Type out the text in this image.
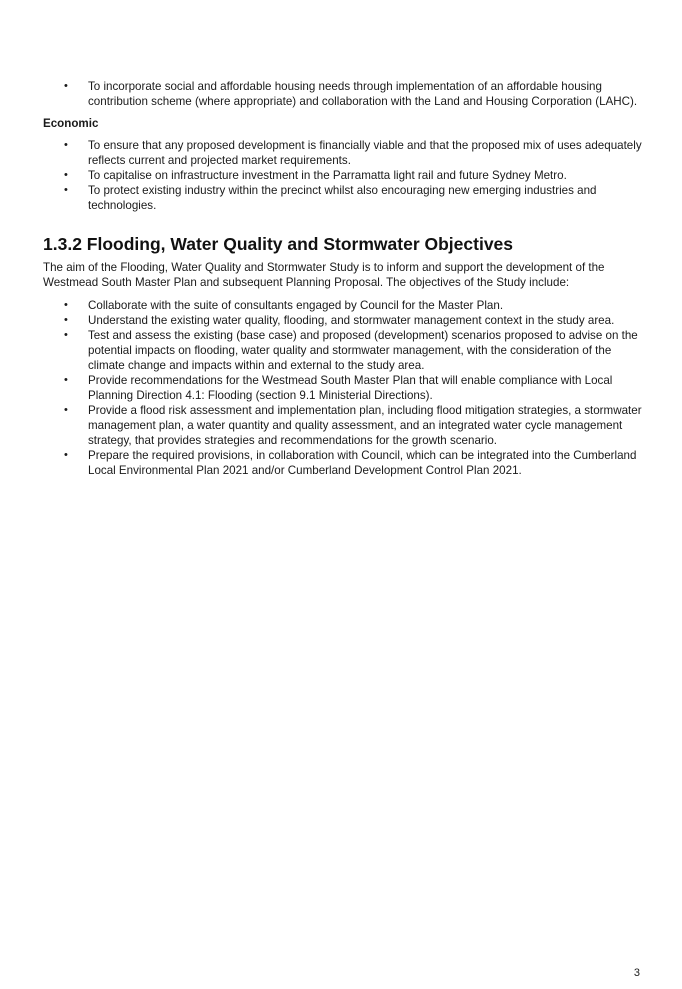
• To incorporate social and affordable housing needs through implementation of an affordable housing contribution scheme (where appropriate) and collaboration with the Land and Housing Corporation (LAHC).
Economic
• To ensure that any proposed development is financially viable and that the proposed mix of uses adequately reflects current and projected market requirements.
• To capitalise on infrastructure investment in the Parramatta light rail and future Sydney Metro.
• To protect existing industry within the precinct whilst also encouraging new emerging industries and technologies.
1.3.2 Flooding, Water Quality and Stormwater Objectives

The aim of the Flooding, Water Quality and Stormwater Study is to inform and support the development of the Westmead South Master Plan and subsequent Planning Proposal. The objectives of the Study include:

• Collaborate with the suite of consultants engaged by Council for the Master Plan.
• Understand the existing water quality, flooding, and stormwater management context in the study area.
• Test and assess the existing (base case) and proposed (development) scenarios proposed to advise on the potential impacts on flooding, water quality and stormwater management, with the consideration of the climate change and impacts within and external to the study area.
• Provide recommendations for the Westmead South Master Plan that will enable compliance with Local Planning Direction 4.1: Flooding (section 9.1 Ministerial Directions).
• Provide a flood risk assessment and implementation plan, including flood mitigation strategies, a stormwater management plan, a water quantity and quality assessment, and an integrated water cycle management strategy, that provides strategies and recommendations for the growth scenario.
• Prepare the required provisions, in collaboration with Council, which can be integrated into the Cumberland Local Environmental Plan 2021 and/or Cumberland Development Control Plan 2021.
3
